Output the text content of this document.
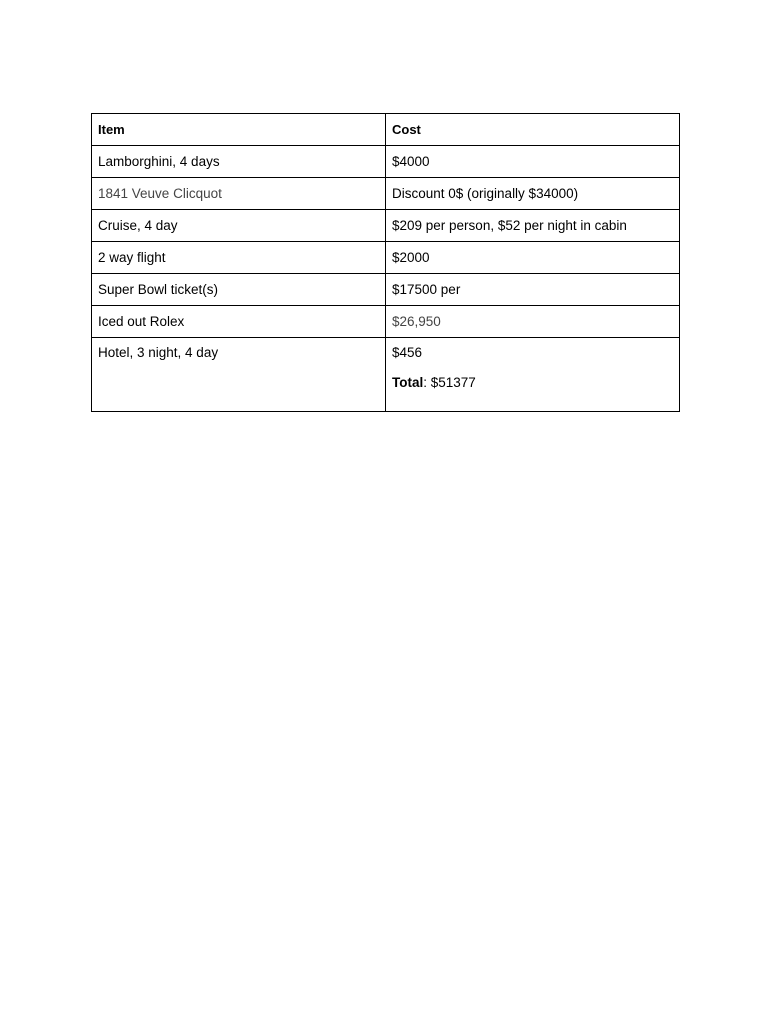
Item	Cost
Lamborghini, 4 days	$4000
1841 Veuve Clicquot	Discount 0$ (originally $34000)
Cruise, 4 day	$209 per person, $52 per night in cabin
2 way flight	$2000
Super Bowl ticket(s)	$17500 per
Iced out Rolex	$26,950
Hotel, 3 night, 4 day	$456
Total: $51377
